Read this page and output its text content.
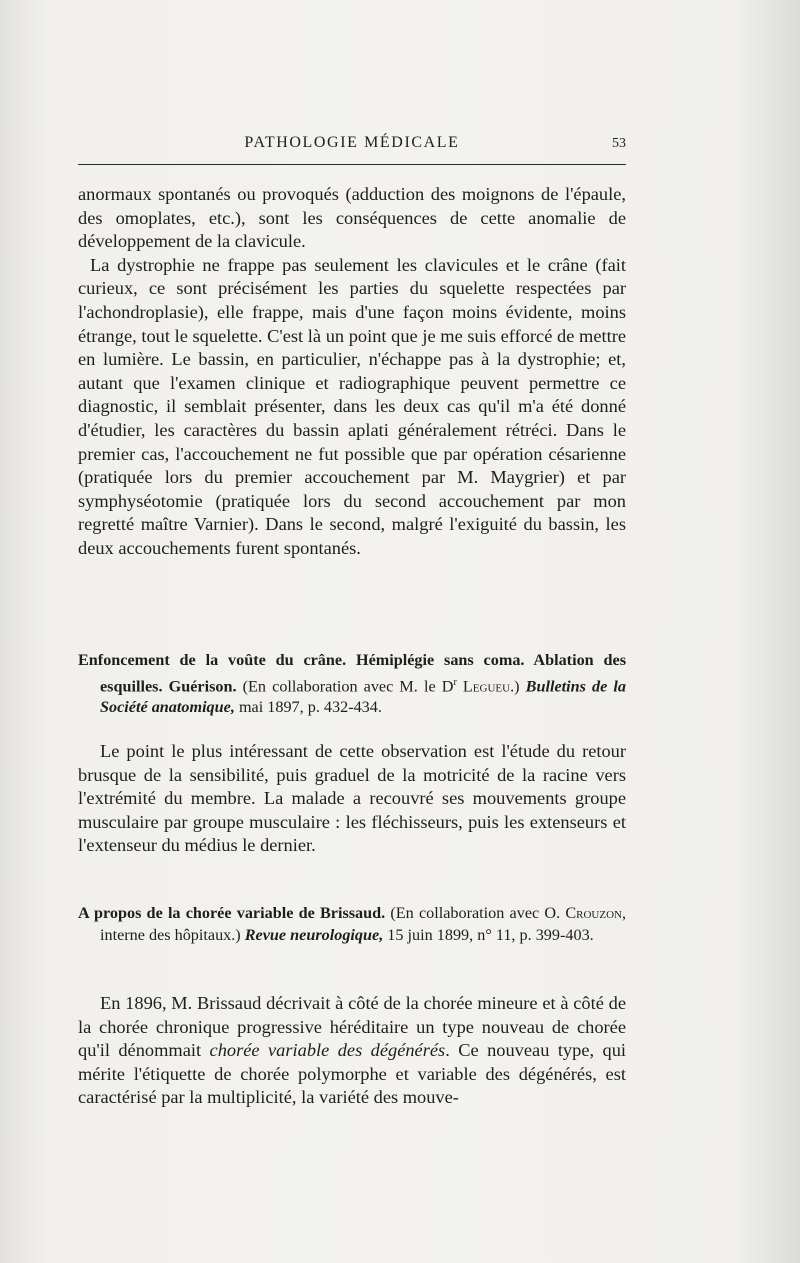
PATHOLOGIE MÉDICALE	53

anormaux spontanés ou provoqués (adduction des moignons de l'épaule, des omoplates, etc.), sont les conséquences de cette anomalie de développement de la clavicule.

La dystrophie ne frappe pas seulement les clavicules et le crâne (fait curieux, ce sont précisément les parties du squelette respectées par l'achondroplasie), elle frappe, mais d'une façon moins évidente, moins étrange, tout le squelette. C'est là un point que je me suis efforcé de mettre en lumière. Le bassin, en particulier, n'échappe pas à la dystrophie; et, autant que l'examen clinique et radiographique peuvent permettre ce diagnostic, il semblait présenter, dans les deux cas qu'il m'a été donné d'étudier, les caractères du bassin aplati généralement rétréci. Dans le premier cas, l'accouchement ne fut possible que par opération césarienne (pratiquée lors du premier accouchement par M. Maygrier) et par symphyséotomie (pratiquée lors du second accouchement par mon regretté maître Varnier). Dans le second, malgré l'exiguité du bassin, les deux accouchements furent spontanés.

Enfoncement de la voûte du crâne. Hémiplégie sans coma. Ablation des esquilles. Guérison. (En collaboration avec M. le $D^r$ Legueu.) Bulletins de la Société anatomique, mai 1897, p. 432-434.

Le point le plus intéressant de cette observation est l'étude du retour brusque de la sensibilité, puis graduel de la motricité de la racine vers l'extrémité du membre. La malade a recouvré ses mouvements groupe musculaire par groupe musculaire : les fléchisseurs, puis les extenseurs et l'extenseur du médius le dernier.

A propos de la chorée variable de Brissaud. (En collaboration avec O. Crouzon, interne des hôpitaux.) Revue neurologique, 15 juin 1899, n° 11, p. 399-403.

En 1896, M. Brissaud décrivait à côté de la chorée mineure et à côté de la chorée chronique progressive héréditaire un type nouveau de chorée qu'il dénommait chorée variable des dégénérés. Ce nouveau type, qui mérite l'étiquette de chorée polymorphe et variable des dégénérés, est caractérisé par la multiplicité, la variété des mouve-
